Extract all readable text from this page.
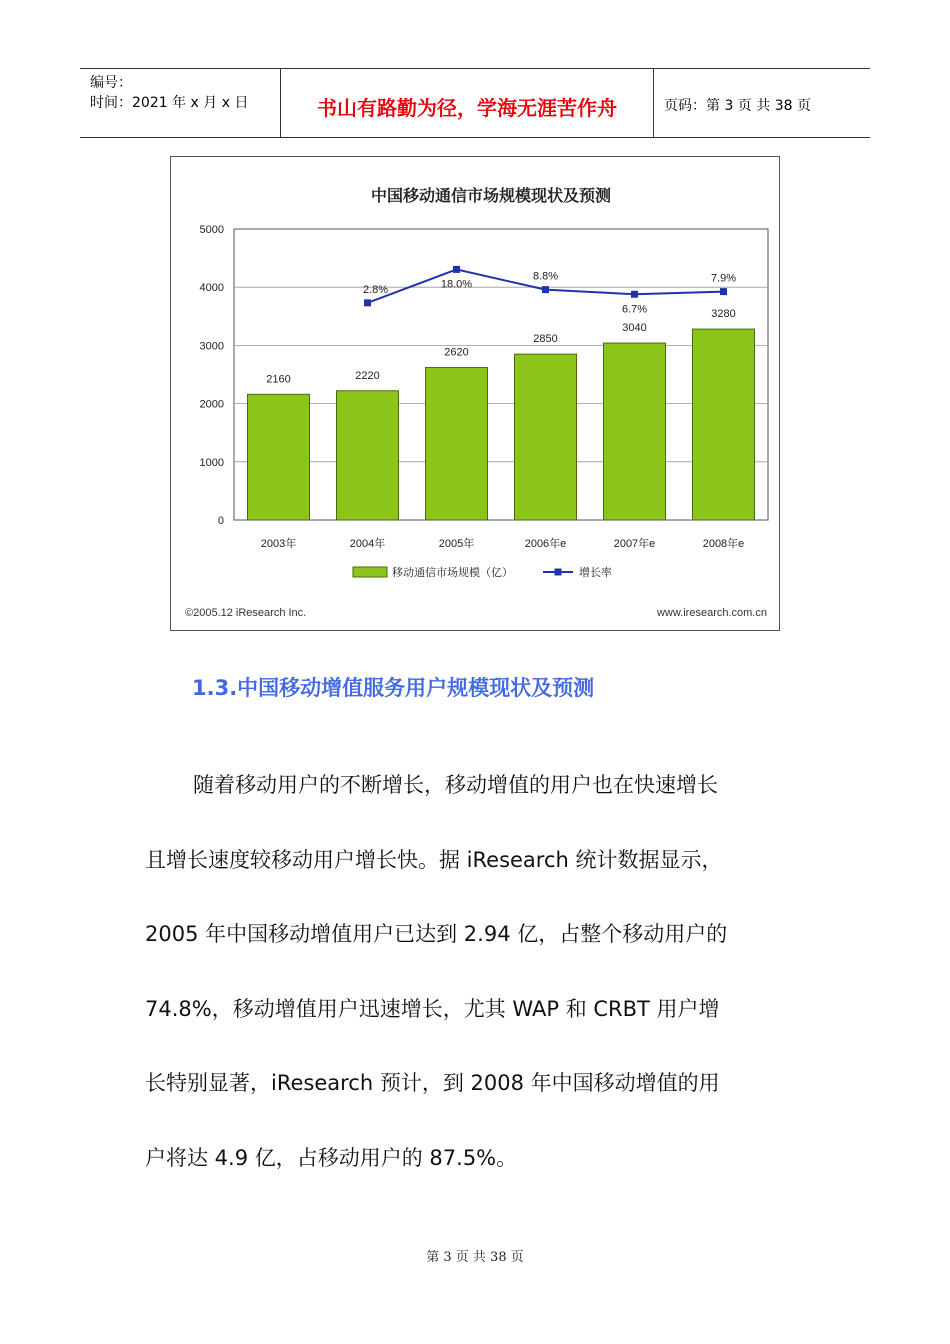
编号：
时间：2021 年 x 月 x 日	书山有路勤为径，学海无涯苦作舟	页码：第 3 页 共 38 页
中国移动通信市场规模现状及预测
5000
4000
3000
2000
1000
0
2160
2003年
2220
2004年
2620
2005年
2850
2006年e
3040
2007年e
3280
2008年e
2.8%	18.0%
8.8%
6.7%
7.9%
移动通信市场规模（亿）	增长率
©2005.12 iResearch Inc.	www.iresearch.com.cn
1.3.中国移动增值服务用户规模现状及预测
随着移动用户的不断增长，移动增值的用户也在快速增长
且增长速度较移动用户增长快。据 iResearch 统计数据显示，
2005 年中国移动增值用户已达到 2.94 亿，占整个移动用户的
74.8%，移动增值用户迅速增长，尤其 WAP 和 CRBT 用户增
长特别显著，iResearch 预计，到 2008 年中国移动增值的用
户将达 4.9 亿，占移动用户的 87.5%。
第 3 页 共 38 页
